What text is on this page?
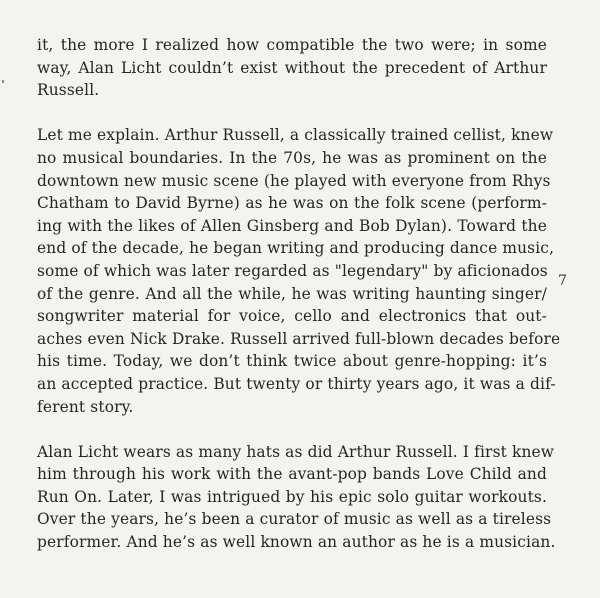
it, the more I realized how compatible the two were; in some
way, Alan Licht couldn’t exist without the precedent of Arthur
Russell.
Let me explain. Arthur Russell, a classically trained cellist, knew
no musical boundaries. In the 70s, he was as prominent on the
downtown new music scene (he played with everyone from Rhys
Chatham to David Byrne) as he was on the folk scene (perform-
ing with the likes of Allen Ginsberg and Bob Dylan). Toward the
end of the decade, he began writing and producing dance music,
some of which was later regarded as "legendary" by aficionados
of the genre. And all the while, he was writing haunting singer/
songwriter material for voice, cello and electronics that out-
aches even Nick Drake. Russell arrived full-blown decades before
his time. Today, we don’t think twice about genre-hopping: it’s
an accepted practice. But twenty or thirty years ago, it was a dif-
ferent story.
Alan Licht wears as many hats as did Arthur Russell. I first knew
him through his work with the avant-pop bands Love Child and
Run On. Later, I was intrigued by his epic solo guitar workouts.
Over the years, he’s been a curator of music as well as a tireless
performer. And he’s as well known an author as he is a musician.
7
